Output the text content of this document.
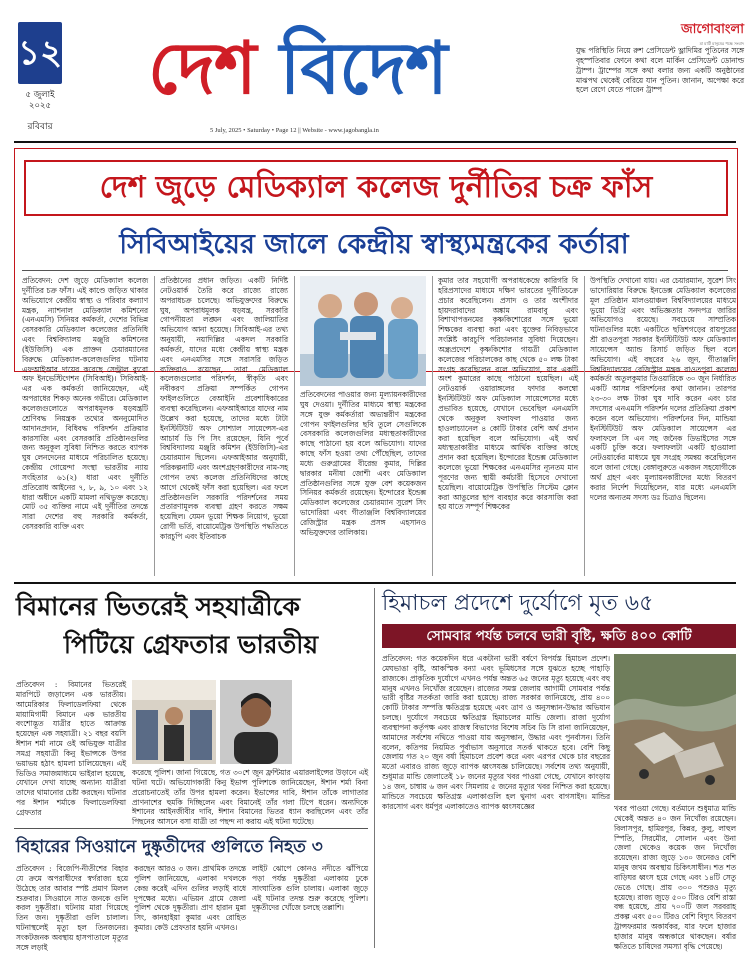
১২
৫ জুলাই ২০২৫
রবিবার
দেশ বিদেশ
5 July, 2025 • Saturday • Page 12 || Website - www.jagobangla.in
জাগোবাংলা
মা মাটি মানুষের পক্ষে সংবাদ
যুদ্ধ পরিস্থিতি নিয়ে রুশ প্রেসিডেন্ট ভ্লাদিমির পুতিনের সঙ্গে বৃহস্পতিবার ফোনে কথা বলে মার্কিন প্রেসিডেন্ট ডোনাল্ড ট্রাম্প। ট্রাম্পের সঙ্গে কথা বলার জন্য একটি অনুষ্ঠানের মাঝপথ থেকেই বেরিয়ে যান পুতিন। জানান, অপেক্ষা করে হলে রেগে যেতে পারেন ট্রাম্প
দেশ জুড়ে মেডিক্যাল কলেজ দুর্নীতির চক্র ফাঁস
সিবিআইয়ের জালে কেন্দ্রীয় স্বাস্থ্যমন্ত্রকের কর্তারা
প্রতিবেদন: দেশ জুড়ে মেডিক্যাল কলেজ দুর্নীতির চক্র ফাঁস। এই কাণ্ডে জড়িত থাকার অভিযোগে কেন্দ্রীয় স্বাস্থ্য ও পরিবার কল্যাণ মন্ত্রক, ন্যাশনাল মেডিক্যাল কমিশনের (এনএমসি) সিনিয়র কর্মকর্তা, দেশের বিভিন্ন বেসরকারি মেডিক্যাল কলেজের প্রতিনিধি এবং বিশ্ববিদ্যালয় মঞ্জুরি কমিশনের (ইউজিসি) এক প্রাক্তন চেয়ারম্যানের বিরুদ্ধে মেডিক্যাল-কলেজগুলির ঘটনায় এফআইআর দায়ের করেছে সেন্ট্রাল ব্যুরো অফ ইনভেস্টিগেশন (সিবিআই)। সিবিআই-এর এক কর্মকর্তা জানিয়েছেন, এই অপরাধের শিকড় অনেক গভীরে। মেডিক্যাল কলেজগুলোতে অপরাধমূলক ষড়যন্ত্রটি শ্রেণিবদ্ধ নিয়ন্ত্রক তথ্যের অননুমোদিত আদানপ্রদান, বিধিবদ্ধ পরিদর্শন প্রক্রিয়ার কারসাজি এবং বেসরকারি প্রতিষ্ঠানগুলির জন্য অনুকূল সুবিধা নিশ্চিত করতে ব্যাপক ঘুষ লেনদেনের মাধ্যমে পরিচালিত হয়েছে। কেন্দ্রীয় গোয়েন্দা সংস্থা ভারতীয় ন্যায় সংহিতার ৬১(২) ধারা এবং দুর্নীতি প্রতিরোধ আইনের ৭, ৮, ৯, ১০ এবং ১২ ধারা অধীনে একটি মামলা নথিভুক্ত করেছে। মোট ৩৫ ব্যক্তির নামে এই দুর্নীতির তদন্তে সারা দেশের বহু সরকারি কর্মকর্তা, বেসরকারি ব্যক্তি এবং
প্রতিষ্ঠানের প্রধান জড়িত। একটি নির্দিষ্ট নেটওয়ার্ক তৈরি করে রাজ্যে রাজ্যে অপরাধচক্র চলেছে। অভিযুক্তদের বিরুদ্ধে ঘুষ, অপরাধমূলক ষড়যন্ত্র, সরকারি গোপনীয়তা লঙ্ঘন এবং জালিয়াতির অভিযোগ আনা হয়েছে। সিবিআই-এর তথ্য অনুযায়ী, নয়াদিল্লির একদল সরকারি কর্মকর্তা, যাদের মধ্যে কেন্দ্রীয় স্বাস্থ্য মন্ত্রক এবং এনএমসির সঙ্গে সরাসরি জড়িত ব্যক্তিরাও রয়েছেন, তারা মেডিক্যাল কলেজগুলোর পরিদর্শন, স্বীকৃতি এবং নবীকরণ প্রক্রিয়া সম্পর্কিত গোপন ফাইলগুলিতে বেআইনি প্রবেশাধিকারের ব্যবস্থা করেছিলেন। এফআইআরে যাদের নাম উল্লেখ করা হয়েছে, তাদের মধ্যে টাটা ইনস্টিটিউট অফ সোশ্যাল সায়েন্সেস-এর আচার্য ডি পি সিং রয়েছেন, যিনি পূর্বে বিশ্ববিদ্যালয় মঞ্জুরি কমিশন (ইউজিসি)-এর চেয়ারম্যান ছিলেন। এফআইআর অনুযায়ী, পরিকল্পনাটি এবং অংশগ্রহণকারীদের নাম-সহ গোপন তথ্য কলেজ প্রতিনিধিদের কাছে আগে থেকেই ফাঁস করা হয়েছিল। এর ফলে প্রতিষ্ঠানগুলি সরকারি পরিদর্শনের সময় প্রতারণামূলক ব্যবস্থা গ্রহণ করতে সক্ষম হয়েছিল। যেমন ভুয়ো শিক্ষক নিয়োগ, ভুয়ো রোগী ভর্তি, বায়োমেট্রিক উপস্থিতি পদ্ধতিতে কারচুপি এবং ইতিবাচক
প্রতিবেদনের পাওয়ার জন্য মূল্যায়নকারীদের ঘুষ দেওয়া। দুর্নীতির মাধ্যমে স্বাস্থ্য মন্ত্রকের সঙ্গে যুক্ত কর্মকর্তারা অভ্যন্তরীণ মন্ত্রকের গোপন ফাইলগুলির ছবি তুলে সেগুলিকে বেসরকারি কলেজগুলির মধ্যস্থতাকারীদের কাছে পাঠানো হয় বলে অভিযোগ। যাদের কাছে ফাঁস হওয়া তথ্য পৌঁছেছিল, তাদের মধ্যে গুরুগ্রামের বীরেন্দ্র কুমার, দিল্লির দ্বারকার মনীষা জোশী এবং মেডিক্যাল প্রতিষ্ঠানগুলির সঙ্গে যুক্ত বেশ কয়েকজন সিনিয়র কর্মকর্তা রয়েছেন। ইন্দোরের ইন্ডেক্স মেডিক্যাল কলেজের চেয়ারম্যান সুরেশ সিং ভাদোরিয়া এবং গীতাঞ্জলি বিশ্ববিদ্যালয়ের রেজিস্ট্রার মন্ত্রক প্রসঙ্গ এহসানও অভিযুক্তদের তালিকায়।
কুমার তার সহযোগী অপরাধকেন্দ্রে কারিগরি বি হরিপ্রসাদের মাধ্যমে দক্ষিণ ভারতের দুর্নীতিচক্রে প্রচার করেছিলেন। প্রসাদ ও তার অংশীদার হায়দরাবাদের অঙ্কাম রামবাবু এবং বিশাখাপত্তনমের কৃষ্ণকিশোরের সঙ্গে ভুয়ো শিক্ষকের ব্যবস্থা করা এবং যুক্তের নিবিড়ভাবে সংশ্লিষ্ট কারচুপি পরিচালনার সুবিধা দিয়েছেন। অন্ধ্রপ্রদেশে কৃষ্ণকিশোর গায়ত্রী মেডিক্যাল কলেজের পরিচালকের কাছ থেকে ৫০ লক্ষ টাকা সংগ্রহ করেছিলেন বলে অভিযোগ, যার একটি অংশ কুমারের কাছে পাঠানো হয়েছিল। এই নেটওয়ার্ক ওয়ারাঙ্গলের ফাদার কলম্বো ইনস্টিটিউট অফ মেডিক্যাল সায়েন্সেসের মধ্যে প্রভাবিত হয়েছে, যেখানে ভেবেছিল এনএমসি থেকে অনুকূল ফলাফল পাওয়ার জন্য হাওলাচ্যানেল ৪ কোটি টাকার বেশি অর্থ প্রদান করা হয়েছিল বলে অভিযোগ। এই অর্থ মধ্যস্থতাকারীর মাধ্যমে আর্থিক ব্যক্তির কাছে প্রদান করা হয়েছিল। ইন্দোরের ইন্ডেক্স মেডিক্যাল কলেজে ভুয়ো শিক্ষকের এনএমসির ন্যূনতম মান পূরণের জন্য স্থায়ী কর্মচারী হিসেবে দেখানো হয়েছিল। বায়োমেট্রিক উপস্থিতি সিস্টেম ক্লোন করা আঙুলের ছাপ ব্যবহার করে কারসাজি করা হয় যাতে সম্পূর্ণ শিক্ষকের
উপস্থিতি দেখানো যায়। এর চেয়ারম্যান, সুরেশ সিং ভাদোরিয়ার বিরুদ্ধে ইনডেক্স মেডিক্যাল কলেজের মূল প্রতিষ্ঠান মালওয়াঞ্চল বিশ্ববিদ্যালয়ের মাধ্যমে ভুয়ো ডিগ্রি এবং অভিজ্ঞতার সনদপত্র জারির অভিযোগও রয়েছে। সবচেয়ে সাম্প্রতিক ঘটনাগুলির মধ্যে একটিতে ছত্তিশগড়ের রায়পুরের শ্রী রাওতপুরা সরকার ইনস্টিটিউট অফ মেডিক্যাল সায়েন্সেস অ্যান্ড রিসার্চ জড়িত ছিল বলে অভিযোগ। এই বছরের ২৬ জুন, গীতাঞ্জলি বিশ্ববিদ্যালয়ের রেজিস্ট্রার মন্ত্রক রাওতপুরা কলেজ কর্মকর্তা অতুলকুমার তিওয়ারিকে ৩০ জুন নির্ধারিত একটি আসন্ন পরিদর্শনের কথা জানান। তারপর ২৩-৩০ লক্ষ টাকা ঘুষ দাবি করেন এবং চার সদস্যের এনএমসি পরিদর্শন দলের প্রতিক্রিয়া প্রকাশ করেন বলে অভিযোগ। পরিদর্শনের দিন, মান্ডিয়া ইনস্টিটিউট অফ মেডিক্যাল সায়েন্সেস এর ফলাফলে সি এন সহ জনৈক ডিভাইসের সঙ্গে একটি চুক্তি করে। ফলাফলটা একটি হাওয়ালা নেটওয়ার্কের মাধ্যমে ঘুষ সংগ্রহ সমন্বয় করেছিলেন বলে জানা গেছে। বেঙ্গালুরুতে একজন সহযোগীকে অর্থ গ্রহণ এবং মূল্যায়নকারীদের মধ্যে বিতরণ করার নির্দেশ দিয়েছিলেন, যার মধ্যে এনএমসি দলের অন্যতম সদস্য ডঃ চিত্রাও ছিলেন।
বিমানের ভিতরেই সহযাত্রীকে
পিটিয়ে গ্রেফতার ভারতীয়
প্রতিবেদন : বিমানের ভিতরেই মারপিটে জড়ালেন এক ভারতীয়। আমেরিকার ফিলাডেলফিয়া থেকে মায়ামিগামী বিমানে এক ভারতীয় বংশোদ্ভূত যাত্রীর হাতে আক্রান্ত হয়েছেন এক সহযাত্রী। ২১ বছর বয়সি ঈশান শর্মা নামে ওই অভিযুক্ত যাত্রীর সমগ্র সহযাত্রী কিনু ইভান্সকে উপর ভয়াভয় হঠাৎ হামলা চালিয়েছেন। এই ভিডিও সমাজমাধ্যমে ভাইরাল হয়েছে, যেখানে দেখা যাচ্ছে অন্যান্য যাত্রীরা তাদের থামানোর চেষ্টা করছেন। ঘটনার পর ঈশান শর্মাকে ফিলাডেলফিয়া গ্রেফতার
করেছে পুলিশ। জানা গিয়েছে, গত ৩০শে জুন ফ্রন্টিয়ার এয়ারলাইন্সের উড়ানে এই ঘটনা ঘটে। অভিযোগকারী কিনু ইভান্স পুলিশকে জানিয়েছেন, ঈশান শর্মা বিনা প্ররোচনাতেই তাঁর উপর হামলা করেন। ইভান্সের দাবি, ঈশান তাঁকে লাগাতার প্রাণনাশের হুমকি দিচ্ছিলেন এবং বিমানেই তাঁর গলা টিপে ধরেন। অন্যদিকে ঈশানের আইনজীবীর দাবি, ঈশান বিমানের ভিতর ধ্যান করছিলেন এবং তাঁর পিছনের আসনে বসা যাত্রী তা পছন্দ না করায় এই ঘটনা ঘটেছে।
হিমাচল প্রদেশে দুর্যোগে মৃত ৬৫
সোমবার পর্যন্ত চলবে ভারী বৃষ্টি, ক্ষতি ৪০০ কোটি
প্রতিবেদন: গত কয়েকদিন ধরে একটানা ভারী বর্ষণে বিপর্যস্ত হিমাচল প্রদেশ। মেঘভাঙা বৃষ্টি, আকস্মিক বন্যা এবং ভূমিধসের সঙ্গে যুঝতে হচ্ছে পাহাড়ি রাজ্যকে। প্রাকৃতিক দুর্যোগে এখনও পর্যন্ত অন্তত ৬৫ জনের মৃত্যু হয়েছে এবং বহু মানুষ এখনও নিখোঁজ রয়েছেন। রাজ্যের সমস্ত জেলায় আগামী সোমবার পর্যন্ত ভারী বৃষ্টির সতর্কতা জারি করা হয়েছে। রাজ্য সরকার জানিয়েছে, প্রায় ৪০০ কোটি টাকার সম্পত্তি ক্ষতিগ্রস্ত হয়েছে এবং ত্রাণ ও অনুসন্ধান-উদ্ধার অভিযান চলছে। দুর্যোগে সবচেয়ে ক্ষতিগ্রস্ত হিমাচলের মান্ডি জেলা। রাজা দুর্যোগ ব্যবস্থাপনা কর্তৃপক্ষ এবং রাজস্ব বিভাগের বিশেষ সচিব ডি সি রানা জানিয়েছেন, আমাদের সর্বশেষ নথিতে পাওয়া যায় অনুসন্ধান, উদ্ধার এবং পুনর্বাসন। তিনি বলেন, কতিপয় নিয়মিত পূর্বাভাস অনুসারে সতর্ক থাকতে হবে। বেশি কিছু জেলায় গত ২০ জুন বর্ষা হিমাচলে প্রবেশ করে এবং এরপর থেকে চার বছরের মতো এবারও রাজ্য জুড়ে ব্যাপক ধ্বংসযজ্ঞ চালিয়েছে। সর্বশেষ তথ্য অনুযায়ী, শুধুমাত্র মান্ডি জেলাতেই ১৮ জনের মৃত্যুর খবর পাওয়া গেছে, যেখানে কাংড়ায় ১৪ জন, চাম্বায় ৬ জন এবং সিমলায় ৫ জনের মৃত্যুর খবর নিশ্চিত করা হয়েছে। মান্ডিতে সবচেয়ে ক্ষতিগ্রস্ত এলাকাগুলি হল থুনাগ এবং বাগসাইদ। মান্ডির কারসোগ এবং ধর্মপুর এলাকাতেও ব্যাপক ধ্বংসযজ্ঞের	খবর পাওয়া গেছে। বর্তমানে শুধুমাত্র মান্ডি থেকেই অন্তত ৪০ জন নিখোঁজ রয়েছেন। বিলাসপুর, হামিরপুর, কিন্নর, কুলু, লাহুল স্পিতি, সিরমৌর, সোলান এবং উনা জেলা থেকেও কয়েক জন নিখোঁজ রয়েছেন। রাজ্য জুড়ে ১৩০ জনেরও বেশি মানুষ জখম অবস্থায় চিকিৎসাধীন। শত শত বাড়িঘর ধ্বংস হয়ে গেছে এবং ১৪টি সেতু ভেঙে গেছে। প্রায় ৩০০ পশুরও মৃত্যু হয়েছে। রাজ্য জুড়ে ৫০০ টিরও বেশি রাস্তা বন্ধ হয়েছে, প্রায় ৭০০টি জল সরবরাহ প্রকল্প এবং ৫০০ টিরও বেশি বিদ্যুৎ বিতরণ ট্রান্সফরমার অকার্যকর, যার ফলে হাজার হাজার মানুষ অন্ধকারে থাকছেন। বর্ষার ক্ষতিতে চাষিদের সমস্যা বৃদ্ধি পেয়েছে।
বিহারের সিওয়ানে দুষ্কৃতীদের গুলিতে নিহত ৩
প্রতিবেদন : বিজেপি-নীতীশের বিহার যে ক্রমে অপরাধীদের স্বর্গরাজ্য হয়ে উঠেছে তার আবার স্পষ্ট প্রমাণ মিলল শুক্রবার। সিওয়ানে সাত জনকে গুলি করল দুষ্কৃতীরা। ঘটনায় মারা গিয়েছে তিন জন। দুষ্কৃতীরা গুলি চালাল। ঘটনাস্থলেই মৃত্যু হল তিনজনের। সংকটজনক অবস্থায় হাসপাতালে মৃত্যুর সঙ্গে লড়াই
করছেন আরও ৩ জন। প্রাথমিক তদন্তে পুলিশ জানিয়েছে, এলাকা দখলকে কেন্দ্র করেই এদিন গুলির লড়াই বাধে দুপক্ষের মধ্যে। এভিয়ন গ্রামে জেলা পুলিশ থেকে দুষ্কৃতীরা। প্রাণ হারান মুন্না সিং, কানহাইয়া কুমার এবং রোহিত কুমার। কেউ প্রেফতার হয়নি এখনও।
লাইট ঝোপে কোনও নদীতে ঝাঁপিয়ে পড়া পর্যন্ত দুষ্কৃতীরা এলাকায় ঢুকে সাংঘাতিক গুলি চালায়। এলাকা জুড়ে এই ঘটনার তদন্ত শুরু করেছে পুলিশ। দুষ্কৃতীদের খোঁজে চলছে তল্লাশি।
